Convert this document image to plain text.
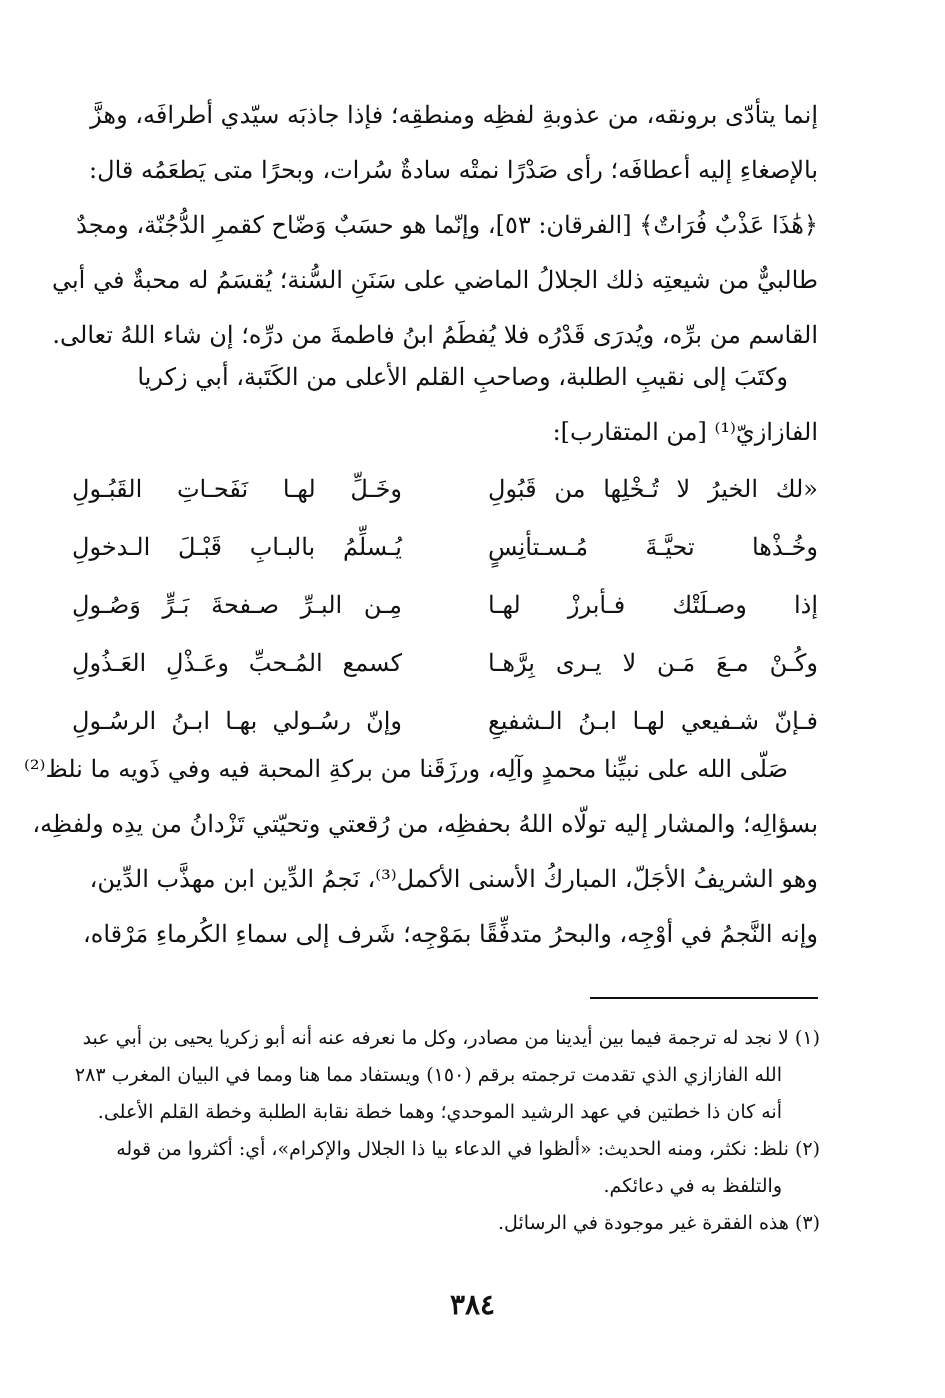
إنما يتأدّى برونقه، من عذوبةِ لفظِه ومنطقِه؛ فإذا جاذبَه سيّدي أطرافَه، وهزَّ
بالإصغاءِ إليه أعطافَه؛ رأى صَدْرًا نمتْه سادةٌ سُرات، وبحرًا متى يَطعَمُه قال:
﴿هَٰذَا عَذْبٌ فُرَاتٌ﴾ [الفرقان: ٥٣]، وإنّما هو حسَبٌ وَضّاح كقمرِ الدُّجُنّة، ومجدٌ
طالبيٌّ من شيعتِه ذلك الجلالُ الماضي على سَنَنِ السُّنة؛ يُقسَمُ له محبةٌ في أبي
القاسم من برِّه، ويُدرَى قَدْرُه فلا يُفطَمُ ابنُ فاطمةَ من درِّه؛ إن شاء اللهُ تعالى.
وكتَبَ إلى نقيبِ الطلبة، وصاحبِ القلم الأعلى من الكَتَبة، أبي زكريا
الفازازيّ⁽¹⁾ [من المتقارب]:
«لك الخيرُ لا تُـخْلِها من قَبُولِ
وخَـلِّ لهـا نَفَحـاتِ القَبُـولِ
وخُـذْها تحيَّـةَ مُـسـتأنِسٍ
يُـسلِّمُ بالبـابِ قَبْـلَ الـدخولِ
إذا وصـلَتْك فـأبرزْ لهـا
مِـن البـرِّ صـفحةَ بَـرٍّ وَصُـولِ
وكُـنْ مـعَ مَـن لا يـرى بِرَّهـا
كسمع المُـحبِّ وعَـذْلِ العَـذُولِ
فـإنّ شـفيعي لهـا ابـنُ الـشفيعِ
وإنّ رسُـولي بهـا ابـنُ الرسُـولِ
صَلّى الله على نبيِّنا محمدٍ وآلِه، ورزَقَنا من بركةِ المحبة فيه وفي ذَويه ما نلظ⁽²⁾
بسؤالِه؛ والمشار إليه تولّاه اللهُ بحفظِه، من رُقعتي وتحيّتي تَزْدانُ من يدِه ولفظِه،
وهو الشريفُ الأجَلّ، المباركُ الأسنى الأكمل⁽³⁾، نَجمُ الدِّين ابن مهذَّب الدِّين،
وإنه النَّجمُ في أوْجِه، والبحرُ متدفِّقًا بمَوْجِه؛ شَرف إلى سماءِ الكُرماءِ مَرْقاه،
(١) لا نجد له ترجمة فيما بين أيدينا من مصادر، وكل ما نعرفه عنه أنه أبو زكريا يحيى بن أبي عبد
الله الفازازي الذي تقدمت ترجمته برقم (١٥٠) ويستفاد مما هنا ومما في البيان المغرب ٢٨٣
أنه كان ذا خطتين في عهد الرشيد الموحدي؛ وهما خطة نقابة الطلبة وخطة القلم الأعلى.
(٢) نلظ: نكثر، ومنه الحديث: «ألظوا في الدعاء بيا ذا الجلال والإكرام»، أي: أكثروا من قوله
والتلفظ به في دعائكم.
(٣) هذه الفقرة غير موجودة في الرسائل.
٣٨٤
